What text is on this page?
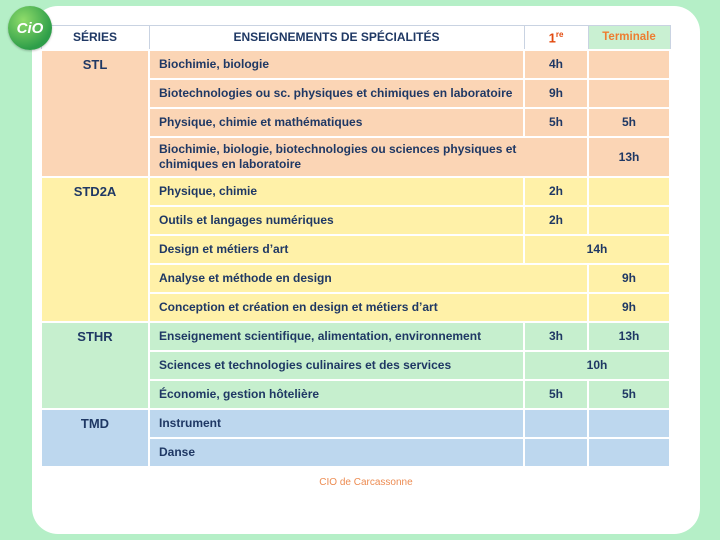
CiO
SÉRIES	ENSEIGNEMENTS DE SPÉCIALITÉS	1re	Terminale
STL	Biochimie, biologie	4h	
	Biotechnologies ou sc. physiques et chimiques en laboratoire	9h	
	Physique, chimie et mathématiques	5h	5h
	Biochimie, biologie, biotechnologies ou sciences physiques et chimiques en laboratoire		13h
STD2A	Physique, chimie	2h	
	Outils et langages numériques	2h	
	Design et métiers d’art	14h	
	Analyse et méthode en design		9h
	Conception et création en design et métiers d’art		9h
STHR	Enseignement scientifique, alimentation, environnement	3h	13h
	Sciences et technologies culinaires et des services	10h	
	Économie, gestion hôtelière	5h	5h
TMD	Instrument		
	Danse		
CIO de Carcassonne
